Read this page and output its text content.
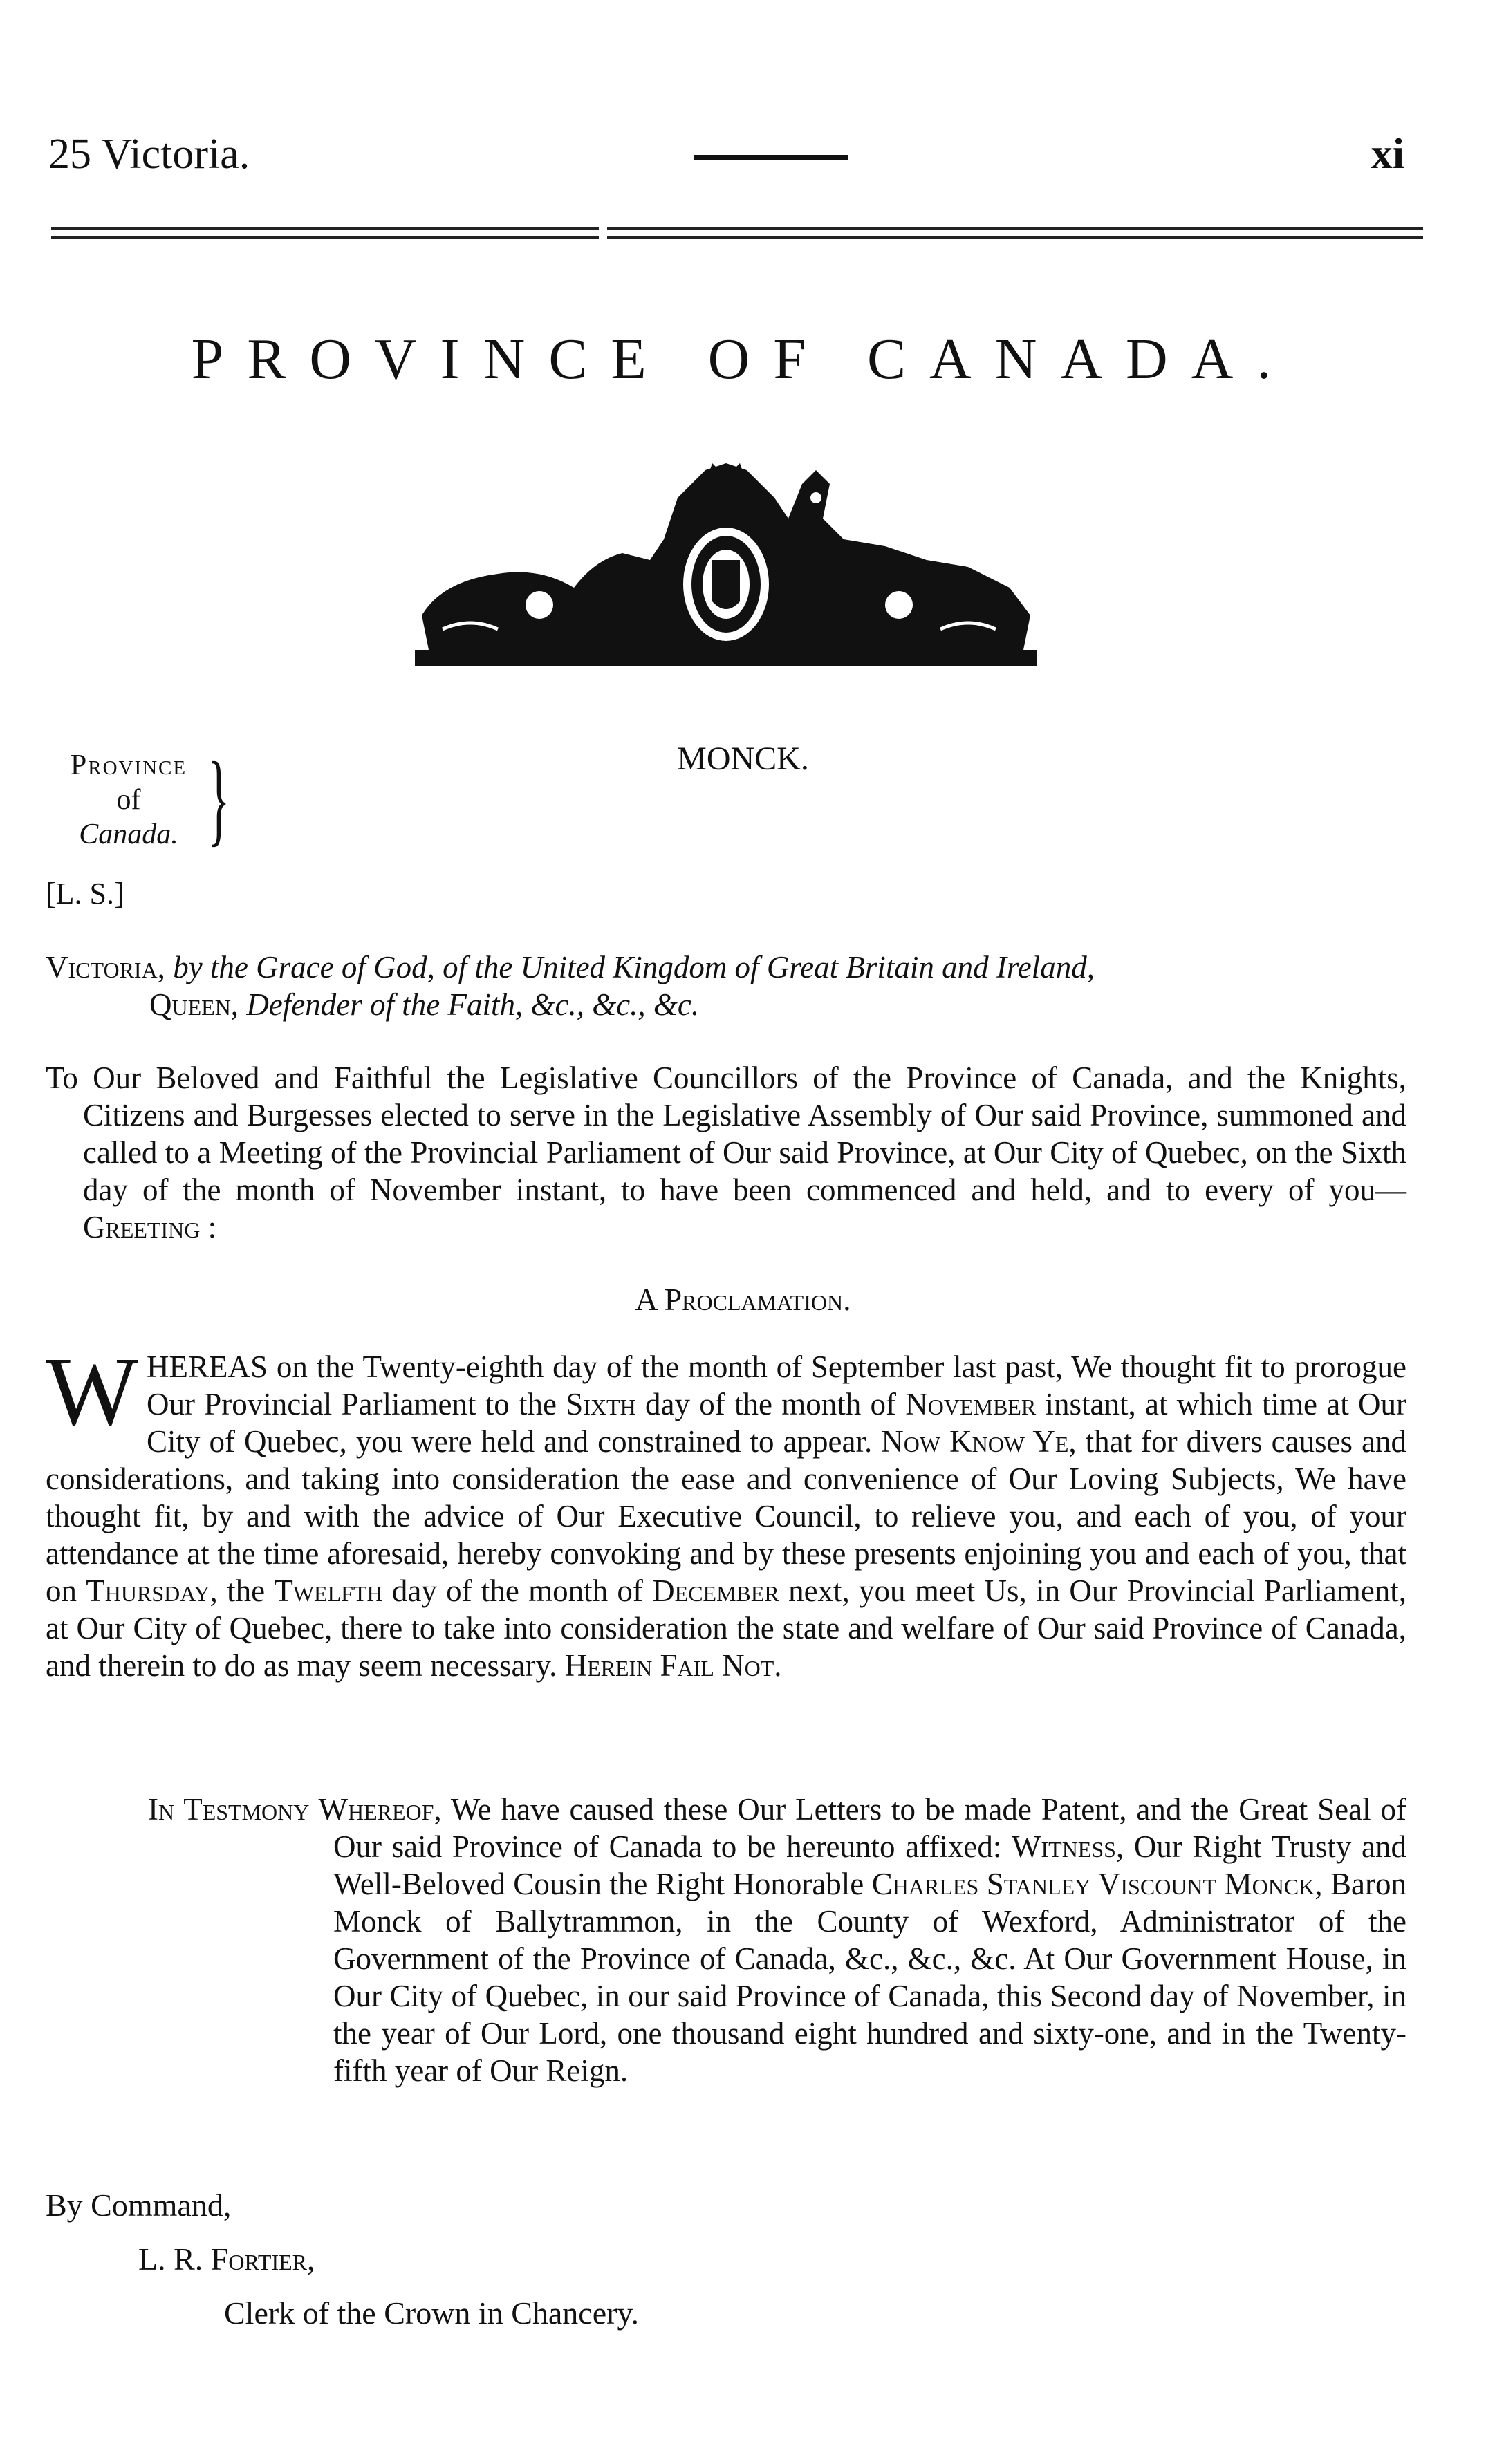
25 Victoria.	xi
PROVINCE OF CANADA.
Province
of
Canada. }
[L. S.]
MONCK.
Victoria, by the Grace of God, of the United Kingdom of Great Britain and Ireland,
Queen, Defender of the Faith, &c., &c., &c.
To Our Beloved and Faithful the Legislative Councillors of the Province of Canada, and the Knights, Citizens and Burgesses elected to serve in the Legislative Assembly of Our said Province, summoned and called to a Meeting of the Provincial Parliament of Our said Province, at Our City of Quebec, on the Sixth day of the month of November instant, to have been commenced and held, and to every of you—Greeting :
A Proclamation.
W HEREAS on the Twenty-eighth day of the month of September last past, We thought fit to prorogue Our Provincial Parliament to the Sixth day of the month of November instant, at which time at Our City of Quebec, you were held and constrained to appear. Now Know Ye, that for divers causes and considerations, and taking into consideration the ease and convenience of Our Loving Subjects, We have thought fit, by and with the advice of Our Executive Council, to relieve you, and each of you, of your attendance at the time aforesaid, hereby convoking and by these presents enjoining you and each of you, that on Thursday, the Twelfth day of the month of December next, you meet Us, in Our Provincial Parliament, at Our City of Quebec, there to take into consideration the state and welfare of Our said Province of Canada, and therein to do as may seem necessary. Herein Fail Not.
In Testmony Whereof, We have caused these Our Letters to be made Patent, and the Great Seal of Our said Province of Canada to be hereunto affixed: Witness, Our Right Trusty and Well-Beloved Cousin the Right Honorable Charles Stanley Viscount Monck, Baron Monck of Ballytrammon, in the County of Wexford, Administrator of the Government of the Province of Canada, &c., &c., &c. At Our Government House, in Our City of Quebec, in our said Province of Canada, this Second day of November, in the year of Our Lord, one thousand eight hundred and sixty-one, and in the Twenty-fifth year of Our Reign.
By Command,
L. R. Fortier,
Clerk of the Crown in Chancery.
